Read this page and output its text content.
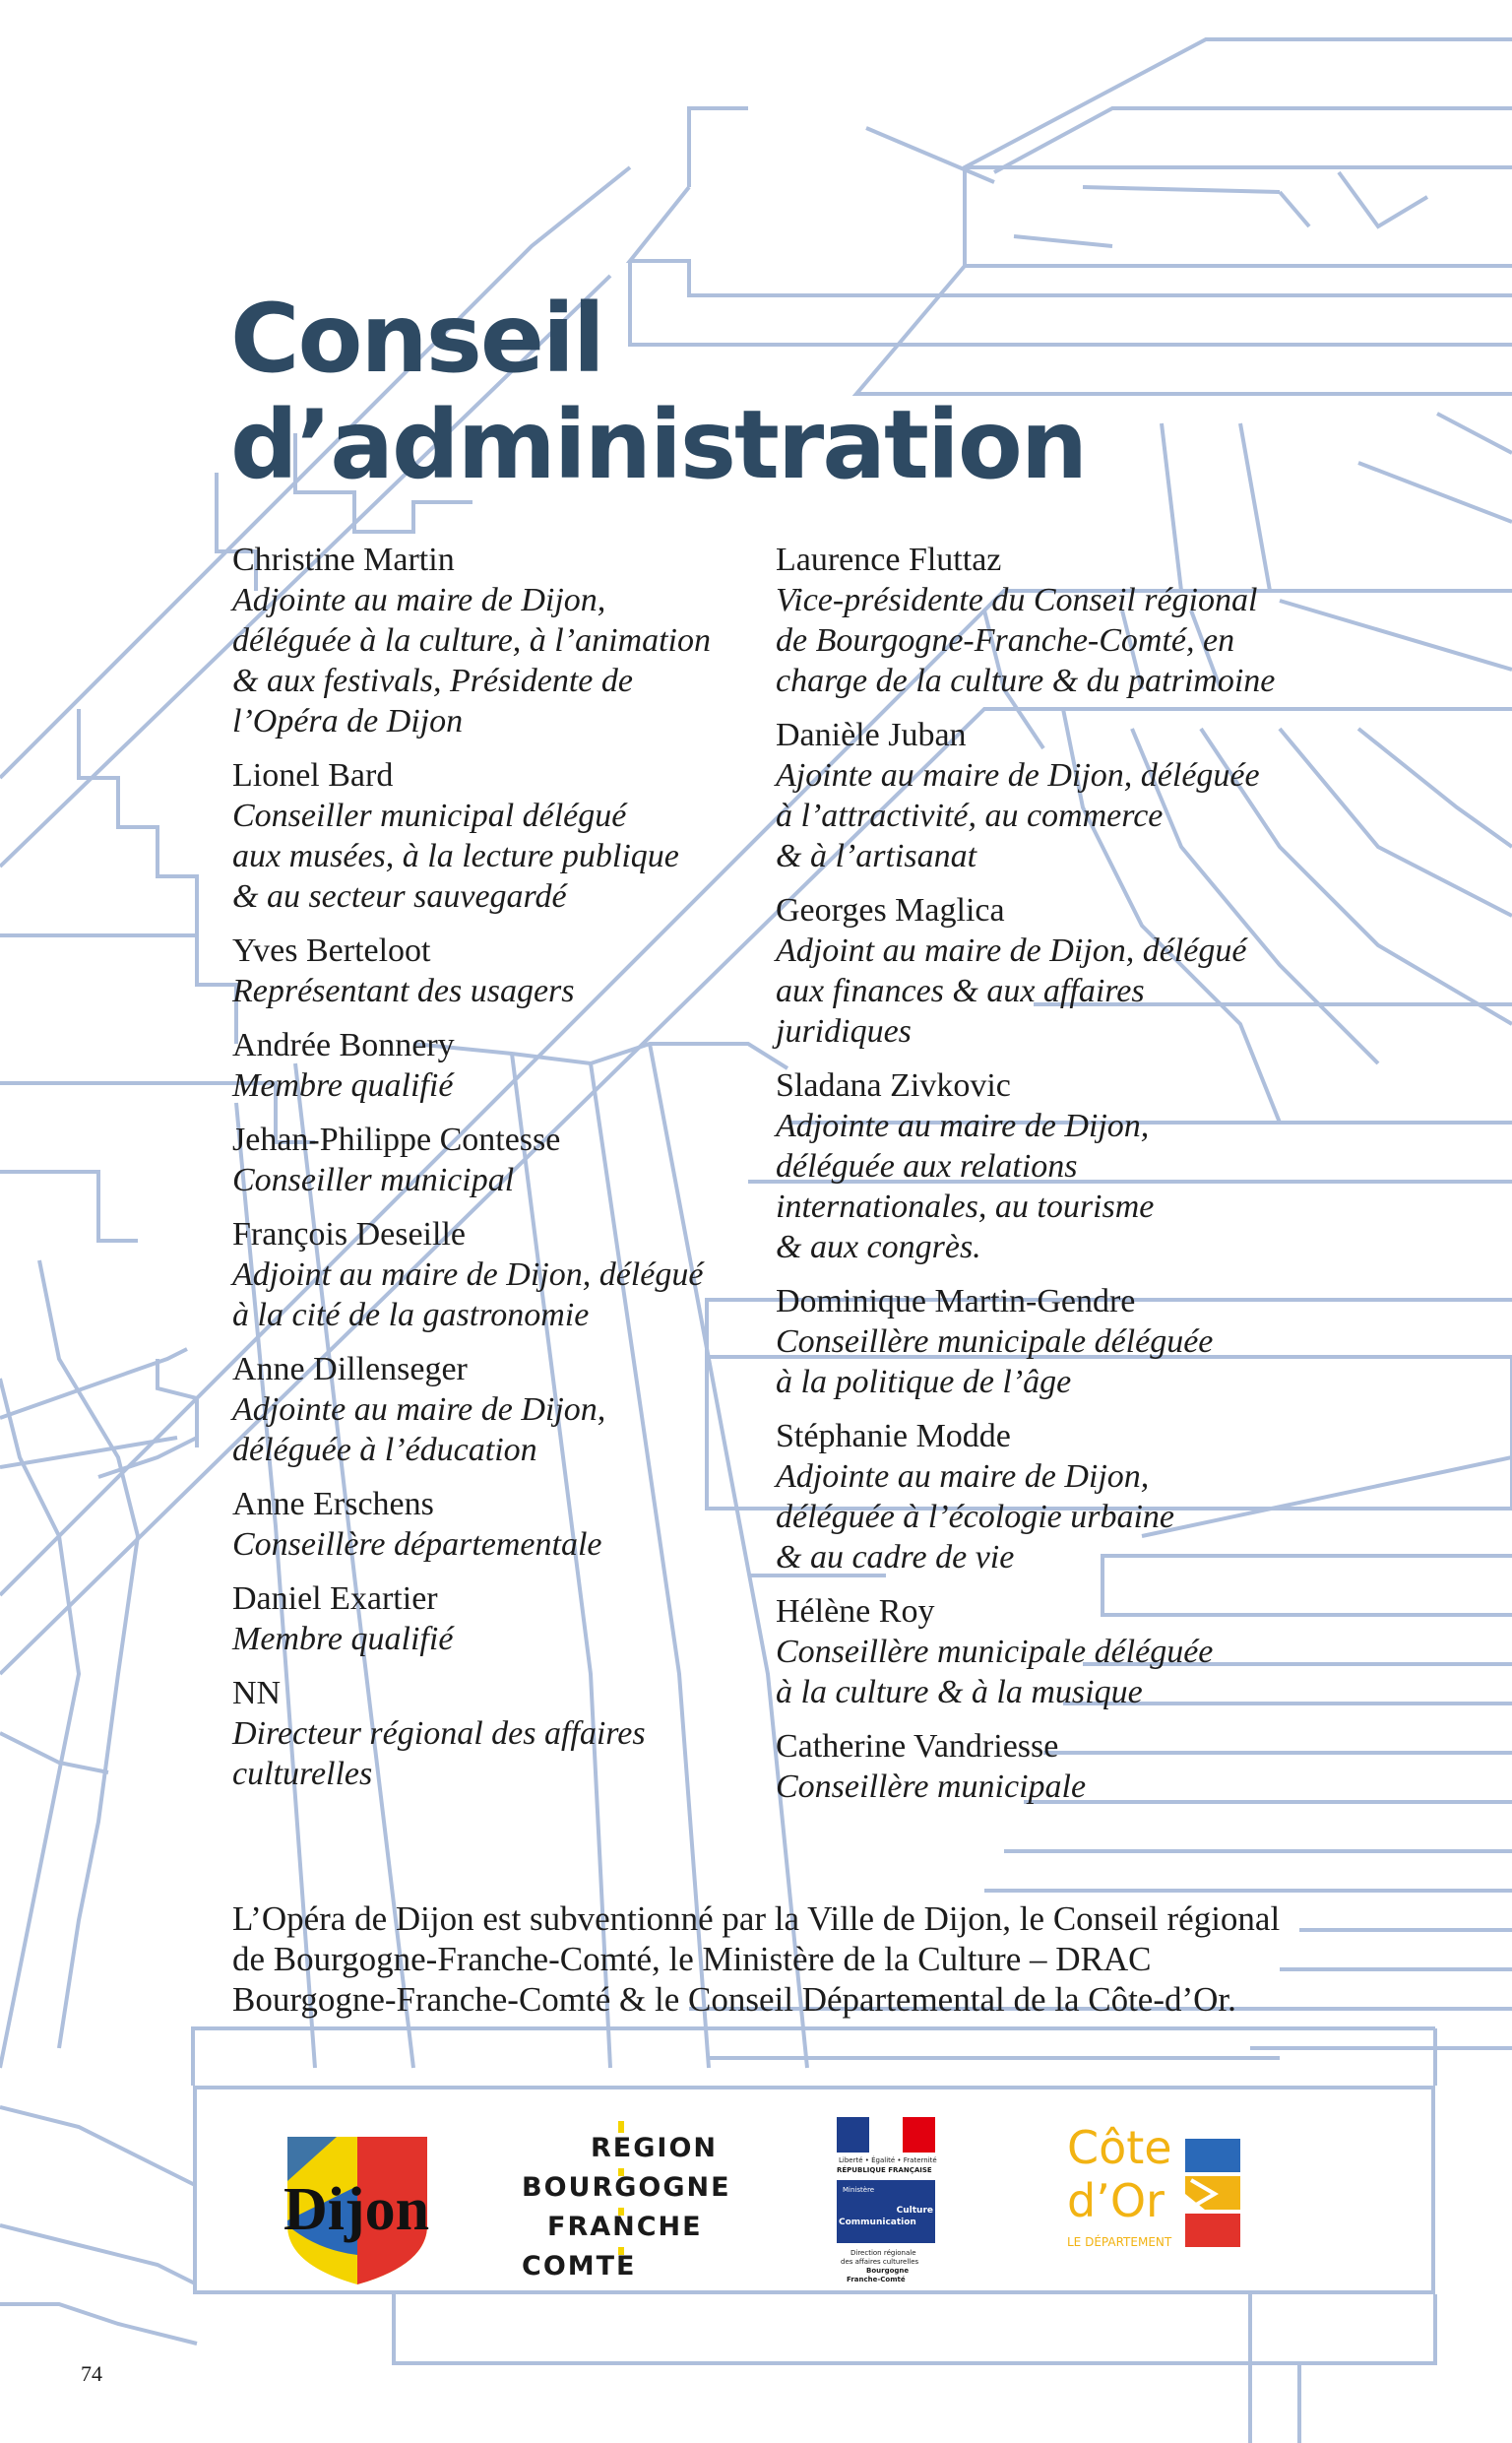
Conseil
d’administration
Christine Martin
Adjointe au maire de Dijon,
déléguée à la culture, à l’animation
& aux festivals, Présidente de
l’Opéra de Dijon
Lionel Bard
Conseiller municipal délégué
aux musées, à la lecture publique
& au secteur sauvegardé
Yves Berteloot
Représentant des usagers
Andrée Bonnery
Membre qualifié
Jehan-Philippe Contesse
Conseiller municipal
François Deseille
Adjoint au maire de Dijon, délégué
à la cité de la gastronomie
Anne Dillenseger
Adjointe au maire de Dijon,
déléguée à l’éducation
Anne Erschens
Conseillère départementale
Daniel Exartier
Membre qualifié
NN
Directeur régional des affaires
culturelles
Laurence Fluttaz
Vice-présidente du Conseil régional
de Bourgogne-Franche-Comté, en
charge de la culture & du patrimoine
Danièle Juban
Ajointe au maire de Dijon, déléguée
à l’attractivité, au commerce
& à l’artisanat
Georges Maglica
Adjoint au maire de Dijon, délégué
aux finances & aux affaires
juridiques
Sladana Zivkovic
Adjointe au maire de Dijon,
déléguée aux relations
internationales, au tourisme
& aux congrès.
Dominique Martin-Gendre
Conseillère municipale déléguée
à la politique de l’âge
Stéphanie Modde
Adjointe au maire de Dijon,
déléguée à l’écologie urbaine
& au cadre de vie
Hélène Roy
Conseillère municipale déléguée
à la culture & à la musique
Catherine Vandriesse
Conseillère municipale
L’Opéra de Dijon est subventionné par la Ville de Dijon, le Conseil régional
de Bourgogne-Franche-Comté, le Ministère de la Culture – DRAC
Bourgogne-Franche-Comté & le Conseil Départemental de la Côte-d’Or.
Dijon
REGION
BOURGOGNE
FRANCHE
COMTE
Liberté • Égalité • Fraternité
RÉPUBLIQUE FRANÇAISE
Ministère
Culture
Communication
Direction régionale
des affaires culturelles
Bourgogne
Franche-Comté
Côte
d’Or
LE DÉPARTEMENT
74
